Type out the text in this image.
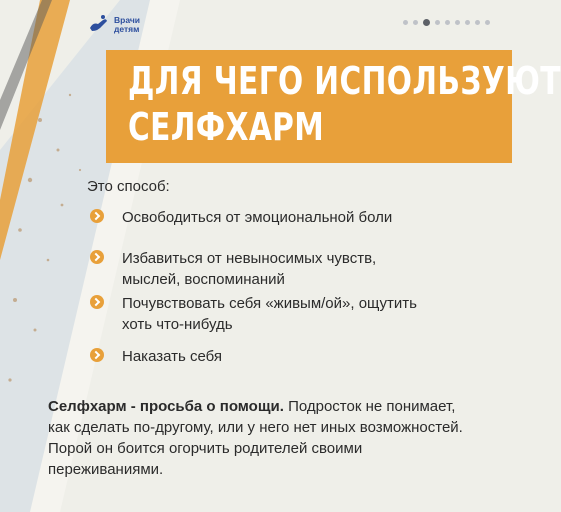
Врачи
детям
ДЛЯ ЧЕГО ИСПОЛЬЗУЮТ
СЕЛФХАРМ
Это способ:
Освободиться от эмоциональной боли
Избавиться от невыносимых чувств,
мыслей, воспоминаний
Почувствовать себя «живым/ой», ощутить
хоть что-нибудь
Наказать себя
Селфхарм - просьба о помощи. Подросток не понимает, как сделать по-другому, или у него нет иных возможностей. Порой он боится огорчить родителей своими переживаниями.
